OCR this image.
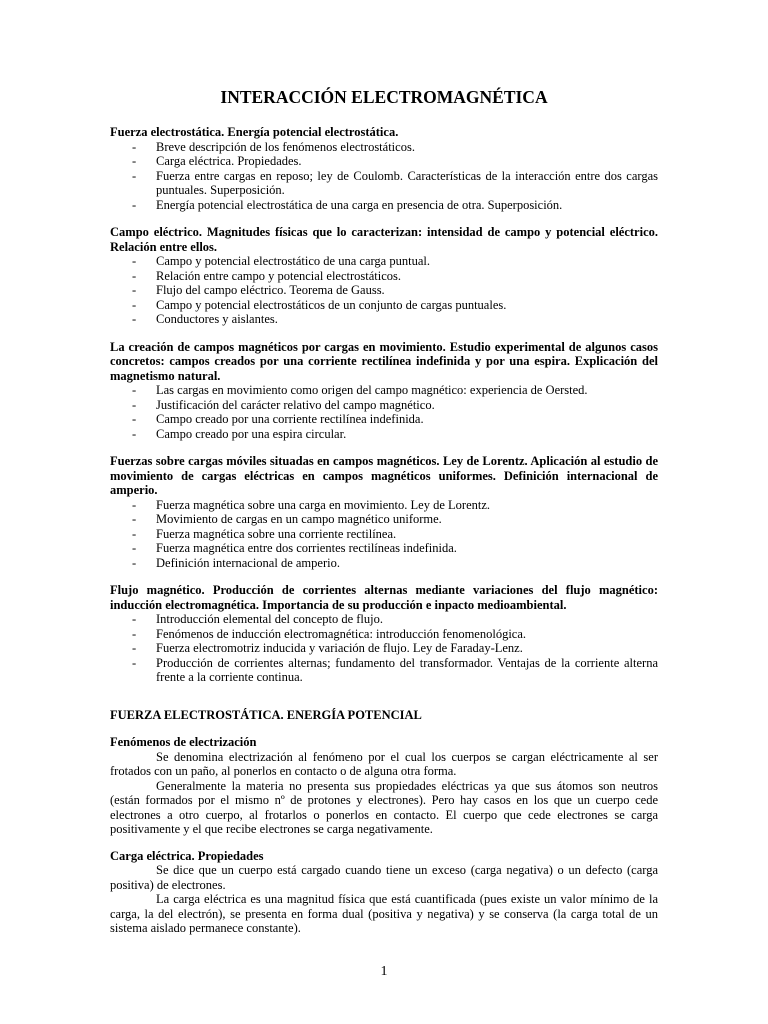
INTERACCIÓN ELECTROMAGNÉTICA
Fuerza electrostática. Energía potencial electrostática.
- Breve descripción de los fenómenos electrostáticos.
- Carga eléctrica. Propiedades.
- Fuerza entre cargas en reposo; ley de Coulomb. Características de la interacción entre dos cargas puntuales. Superposición.
- Energía potencial electrostática de una carga en presencia de otra. Superposición.
Campo eléctrico. Magnitudes físicas que lo caracterizan: intensidad de campo y potencial eléctrico. Relación entre ellos.
- Campo y potencial electrostático de una carga puntual.
- Relación entre campo y potencial electrostáticos.
- Flujo del campo eléctrico. Teorema de Gauss.
- Campo y potencial electrostáticos de un conjunto de cargas puntuales.
- Conductores y aislantes.
La creación de campos magnéticos por cargas en movimiento. Estudio experimental de algunos casos concretos: campos creados por una corriente rectilínea indefinida y por una espira. Explicación del magnetismo natural.
- Las cargas en movimiento como origen del campo magnético: experiencia de Oersted.
- Justificación del carácter relativo del campo magnético.
- Campo creado por una corriente rectilínea indefinida.
- Campo creado por una espira circular.
Fuerzas sobre cargas móviles situadas en campos magnéticos. Ley de Lorentz. Aplicación al estudio de movimiento de cargas eléctricas en campos magnéticos uniformes. Definición internacional de amperio.
- Fuerza magnética sobre una carga en movimiento. Ley de Lorentz.
- Movimiento de cargas en un campo magnético uniforme.
- Fuerza magnética sobre una corriente rectilínea.
- Fuerza magnética entre dos corrientes rectilíneas indefinida.
- Definición internacional de amperio.
Flujo magnético. Producción de corrientes alternas mediante variaciones del flujo magnético: inducción electromagnética. Importancia de su producción e inpacto medioambiental.
- Introducción elemental del concepto de flujo.
- Fenómenos de inducción electromagnética: introducción fenomenológica.
- Fuerza electromotriz inducida y variación de flujo. Ley de Faraday-Lenz.
- Producción de corrientes alternas; fundamento del transformador. Ventajas de la corriente alterna frente a la corriente continua.
FUERZA ELECTROSTÁTICA. ENERGÍA POTENCIAL
Fenómenos de electrización
Se denomina electrización al fenómeno por el cual los cuerpos se cargan eléctricamente al ser frotados con un paño, al ponerlos en contacto o de alguna otra forma.
Generalmente la materia no presenta sus propiedades eléctricas ya que sus átomos son neutros (están formados por el mismo nº de protones y electrones). Pero hay casos en los que un cuerpo cede electrones a otro cuerpo, al frotarlos o ponerlos en contacto. El cuerpo que cede electrones se carga positivamente y el que recibe electrones se carga negativamente.
Carga eléctrica. Propiedades
Se dice que un cuerpo está cargado cuando tiene un exceso (carga negativa) o un defecto (carga positiva) de electrones.
La carga eléctrica es una magnitud física que está cuantificada (pues existe un valor mínimo de la carga, la del electrón), se presenta en forma dual (positiva y negativa) y se conserva (la carga total de un sistema aislado permanece constante).
1
